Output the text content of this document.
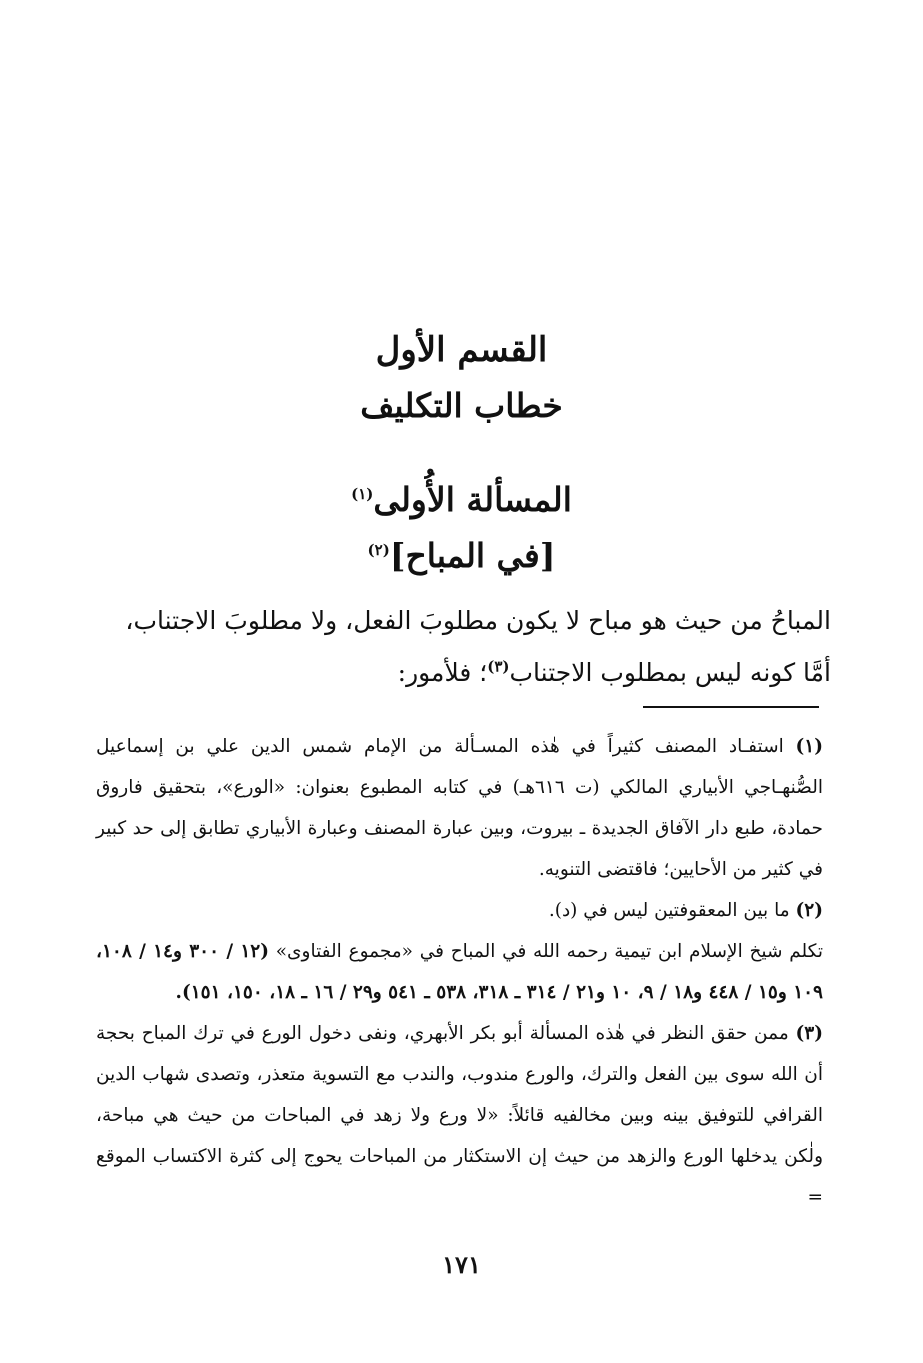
القسم الأول
خطاب التكليف
المسألة الأُولى$^{(١)}$
[في المباح]$^{(٢)}$

المباحُ من حيث هو مباح لا يكون مطلوبَ الفعل، ولا مطلوبَ الاجتناب،

أمَّا كونه ليس بمطلوب الاجتناب$^{(٣)}$؛ فلأمور:

(١) استفـاد المصنف كثيراً في هٰذه المسـألة من الإمام شمس الدين علي بن إسماعيل الصُّنهـاجي الأبياري المالكي (ت ٦١٦هـ) في كتابه المطبوع بعنوان: «الورع»، بتحقيق فاروق حمادة، طبع دار الآفاق الجديدة ـ بيروت، وبين عبارة المصنف وعبارة الأبياري تطابق إلى حد كبير في كثير من الأحايين؛ فاقتضى التنويه.

(٢) ما بين المعقوفتين ليس في (د).

تكلم شيخ الإسلام ابن تيمية رحمه الله في المباح في «مجموع الفتاوى» (١٢ / ٣٠٠ و١٤ / ١٠٨، ١٠٩ و١٥ / ٤٤٨ و١٨ / ٩، ١٠ و٢١ / ٣١٤ ـ ٣١٨، ٥٣٨ ـ ٥٤١ و٢٩ / ١٦ ـ ١٨، ١٥٠، ١٥١).

(٣) ممن حقق النظر في هٰذه المسألة أبو بكر الأبهري، ونفى دخول الورع في ترك المباح بحجة أن الله سوى بين الفعل والترك، والورع مندوب، والندب مع التسوية متعذر، وتصدى شهاب الدين القرافي للتوفيق بينه وبين مخالفيه قائلاً: «لا ورع ولا زهد في المباحات من حيث هي مباحة، ولٰكن يدخلها الورع والزهد من حيث إن الاستكثار من المباحات يحوج إلى كثرة الاكتساب الموقع =

١٧١
